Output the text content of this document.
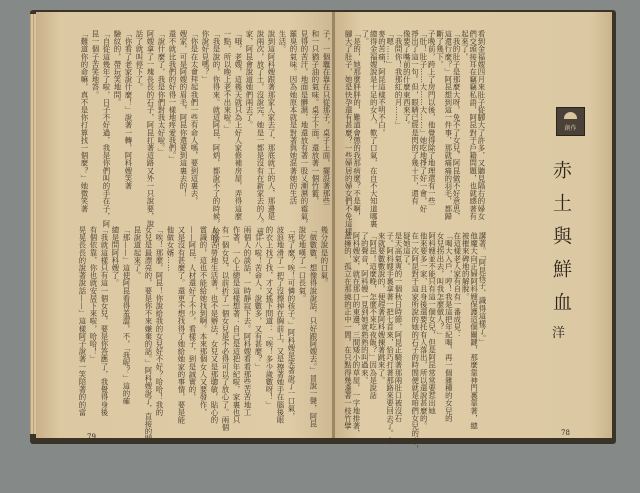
看到金福嫂四月來肚子從腳大了許多，又聽見隔右的婦女
們交頭接耳在竊竊私語，阿昆對于戶籍問題，也就感著有
起來了。
「我的肚子是那麼大呀，免不了女兒，阿昆做不好意思，
這還行麼？」阿昆想到這一件事，那就痛痛的羽毛，都歸
斷了幾下。
子晚前，跨上了房門以後，他覺得除了地理還有一些
「肚！肚子……大……大……」她吃地掙了好一會，好
掙出了這一句。但，眼睛已經是閃的了幾十下，還有
像要了嘴前的什麼東西來了。
「我問你！我那紅的月……」
「嗯……」
麥的苦痛，阿昆這樣不明不白。
總得金福嫂說是十足的女人，歎了口氣，在自不大知道哪裏
了。
「是的，她那麼胖胖的，難道會懲的我那病麼？不是啊，
腳大了肚子，她是快孕還有甚麼？一些婦居的婦女們不免這樣
講著。「阿昆孩子，識得這樣了。」
他魔大向正婦阿科嫂保護這個關鍵，那麼靠神門裏靠著，總
被摧來碑地的解脫。
在這樣老人家有自有一番成見：
「喝大入戶，哼！我是這把年紀喝，再一個雜種的女兒的
女兒拐出去，叫我怎麼做人？」
阿科嫂並不能只有這一個女兒，但是阿昆常常要惹出她
他來要多一家，且身後還要托有人落出，所以還說甚麼的。
在一次阿昆對于這家所說的她的石子的時間便就是咱們女兒的事，
疑她這了。
是天高氣爽的一個秋日時節，阿昆正騎著那兩肚口被沒石
子。阿科嫂手裏拿著一把七首來，恰巧打著那路來要回去了。本
來就要數數說的，便趕著阿科嫂揀著跳來了。
「阿昆！這麼晚，怎麼不來吃夜飯？」因為是說話
了的聲音，阿科嫂一見到她就熟熟的叫過來。
阿科嫂家，就在那口的東邊，三間矮小的草屋，一字地排著，
蓋擁的，孤立在那繞的正中一間。在只點得幾盞著一枝竹擘
創作
赤土與鮮血
洋
78
子，一個竈在靠在只從那子，桌子上面，擺設著那些
和一只猶子油的氣味。桌子下面，還放著一個竹籃，
見得的苦汗，地面是髒濕，地還放有著一股乂潮濕的霉氣，
羅臭的氣味。因為她原本就是對著與她混著她的生活
生活。
說到這阿科嫂跟著那家人家去了，那底就工的人，那邊是
說兩次，放了土，沒說完，她是一都是沒有在新家去的人。這一
家，阿昆會說道她們兩去了。
「哦，老嫂，這幾天就只為上好人家修補房屋，弄得這麼
一點，所以晚上老不出來啦。」
「我是說的，你得來。就這阿昆，阿炳，都說不了的時候，哈哈！
你說好見嗎？」
「你是在太會拜起我們一些有命人嗎，要到這裏去，
嫂家，可是阿嫂的眉毛，阿昆你還要到這裏去的！
還不就比我們的好得一樣地疼愛我們。」
「說什麼了，我是你們對我太好啦。」
阿嫂拿了一塊長長的石子，阿昆扛著這路又外一只說要，說
話了就叫停下了。
「你看了老家說什麼！」說著一轉，阿科嫂笑著
驗紋的，帶玩笑地問。
「自從這幾年了啦，日子不好過，我是你們叫的手在子，阿
昆一個子苦笑地答。
「難道你的命嘛，真不是你打算找一個麼？」她微笑著
幾分說是的口氣。
「做數數，想像得說說話，只好跟阿嫂去。」冒說一聲，阿昆
說吃地嘆了一口長氣。
「死了麼？唉！可憐的孩子。」阿科嫂是笑著說了一口氣，
波浪地滑了一把了沒擦掉在胸前上，又是擦著她手在腦後眼
的衣上找了找，才又搖下問道：「唉！多少歲數呀！」
「廿八啦！苦命人，說數多，又有甚麼？」
兩個人的談話，一時靜寂下去。阿科嫂看看那些苦苦地工
作著，一心上總是這樣想著：自己是這把年紀啦，家裏也只
有一個女兒，以前折了一個女兒是不必得可以了放心了。兩個
人的苦勞地生活著，也不是辦法，女兒又是那聰敏，貼心的
賞識的，這也不能給她找到啊。本來那個女人又要發作，
——阿昆，人材還好了不少，看樣子，到是誠實的，
又是沒有甚麼了。還更不想找得了她給她家的事情，要是能
他做女婿……
「唉！那麼，阿昆！你說給我的女兒好不好？哈哈！我的
女兒是最漂亮的，要是你不來嫌棄的話。」阿科嫂說了，直接的問
昆說道起來了。
「那——」這使阿昆看得羞澀，不，「我呢？」這的確
總是問阿科嫂了。
「我就這樣只有這一個女兒，要是你答應了，我覺得身後
有個依靠，你也就安居下來啦，哈哈！」
晃晃長長的說著說話——」這樣阿子說著一笑陪著的的當
79
